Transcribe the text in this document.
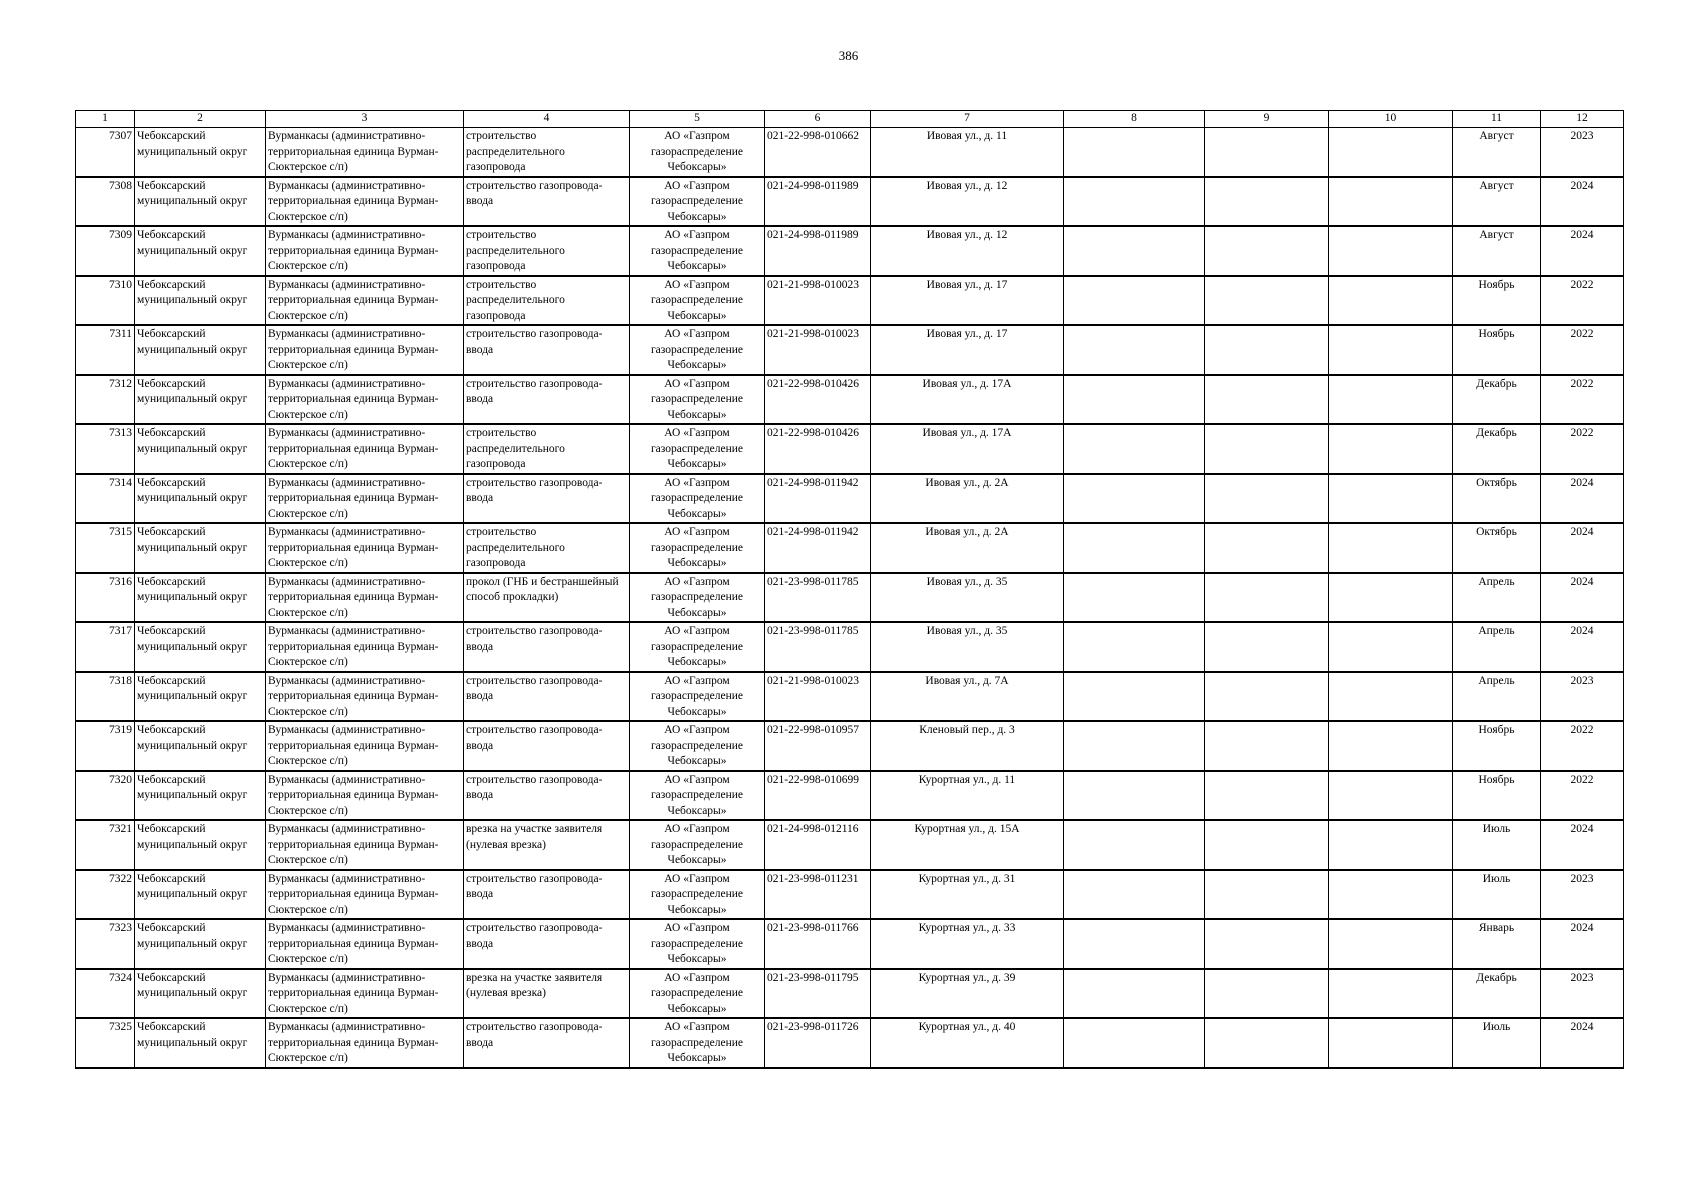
386
1	2	3	4	5	6	7	8	9	10	11	12
7307	Чебоксарский муниципальный округ	Вурманкасы (административно-территориальная единица Вурман-Сюктерское с/п)	строительство распределительного газопровода	АО «Газпром газораспределение Чебоксары»	021-22-998-010662	Ивовая ул., д. 11				Август	2023
7308	Чебоксарский муниципальный округ	Вурманкасы (административно-территориальная единица Вурман-Сюктерское с/п)	строительство газопровода-ввода	АО «Газпром газораспределение Чебоксары»	021-24-998-011989	Ивовая ул., д. 12				Август	2024
7309	Чебоксарский муниципальный округ	Вурманкасы (административно-территориальная единица Вурман-Сюктерское с/п)	строительство распределительного газопровода	АО «Газпром газораспределение Чебоксары»	021-24-998-011989	Ивовая ул., д. 12				Август	2024
7310	Чебоксарский муниципальный округ	Вурманкасы (административно-территориальная единица Вурман-Сюктерское с/п)	строительство распределительного газопровода	АО «Газпром газораспределение Чебоксары»	021-21-998-010023	Ивовая ул., д. 17				Ноябрь	2022
7311	Чебоксарский муниципальный округ	Вурманкасы (административно-территориальная единица Вурман-Сюктерское с/п)	строительство газопровода-ввода	АО «Газпром газораспределение Чебоксары»	021-21-998-010023	Ивовая ул., д. 17				Ноябрь	2022
7312	Чебоксарский муниципальный округ	Вурманкасы (административно-территориальная единица Вурман-Сюктерское с/п)	строительство газопровода-ввода	АО «Газпром газораспределение Чебоксары»	021-22-998-010426	Ивовая ул., д. 17А				Декабрь	2022
7313	Чебоксарский муниципальный округ	Вурманкасы (административно-территориальная единица Вурман-Сюктерское с/п)	строительство распределительного газопровода	АО «Газпром газораспределение Чебоксары»	021-22-998-010426	Ивовая ул., д. 17А				Декабрь	2022
7314	Чебоксарский муниципальный округ	Вурманкасы (административно-территориальная единица Вурман-Сюктерское с/п)	строительство газопровода-ввода	АО «Газпром газораспределение Чебоксары»	021-24-998-011942	Ивовая ул., д. 2А				Октябрь	2024
7315	Чебоксарский муниципальный округ	Вурманкасы (административно-территориальная единица Вурман-Сюктерское с/п)	строительство распределительного газопровода	АО «Газпром газораспределение Чебоксары»	021-24-998-011942	Ивовая ул., д. 2А				Октябрь	2024
7316	Чебоксарский муниципальный округ	Вурманкасы (административно-территориальная единица Вурман-Сюктерское с/п)	прокол (ГНБ и бестраншейный способ прокладки)	АО «Газпром газораспределение Чебоксары»	021-23-998-011785	Ивовая ул., д. 35				Апрель	2024
7317	Чебоксарский муниципальный округ	Вурманкасы (административно-территориальная единица Вурман-Сюктерское с/п)	строительство газопровода-ввода	АО «Газпром газораспределение Чебоксары»	021-23-998-011785	Ивовая ул., д. 35				Апрель	2024
7318	Чебоксарский муниципальный округ	Вурманкасы (административно-территориальная единица Вурман-Сюктерское с/п)	строительство газопровода-ввода	АО «Газпром газораспределение Чебоксары»	021-21-998-010023	Ивовая ул., д. 7А				Апрель	2023
7319	Чебоксарский муниципальный округ	Вурманкасы (административно-территориальная единица Вурман-Сюктерское с/п)	строительство газопровода-ввода	АО «Газпром газораспределение Чебоксары»	021-22-998-010957	Кленовый пер., д. 3				Ноябрь	2022
7320	Чебоксарский муниципальный округ	Вурманкасы (административно-территориальная единица Вурман-Сюктерское с/п)	строительство газопровода-ввода	АО «Газпром газораспределение Чебоксары»	021-22-998-010699	Курортная ул., д. 11				Ноябрь	2022
7321	Чебоксарский муниципальный округ	Вурманкасы (административно-территориальная единица Вурман-Сюктерское с/п)	врезка на участке заявителя (нулевая врезка)	АО «Газпром газораспределение Чебоксары»	021-24-998-012116	Курортная ул., д. 15А				Июль	2024
7322	Чебоксарский муниципальный округ	Вурманкасы (административно-территориальная единица Вурман-Сюктерское с/п)	строительство газопровода-ввода	АО «Газпром газораспределение Чебоксары»	021-23-998-011231	Курортная ул., д. 31				Июль	2023
7323	Чебоксарский муниципальный округ	Вурманкасы (административно-территориальная единица Вурман-Сюктерское с/п)	строительство газопровода-ввода	АО «Газпром газораспределение Чебоксары»	021-23-998-011766	Курортная ул., д. 33				Январь	2024
7324	Чебоксарский муниципальный округ	Вурманкасы (административно-территориальная единица Вурман-Сюктерское с/п)	врезка на участке заявителя (нулевая врезка)	АО «Газпром газораспределение Чебоксары»	021-23-998-011795	Курортная ул., д. 39				Декабрь	2023
7325	Чебоксарский муниципальный округ	Вурманкасы (административно-территориальная единица Вурман-Сюктерское с/п)	строительство газопровода-ввода	АО «Газпром газораспределение Чебоксары»	021-23-998-011726	Курортная ул., д. 40				Июль	2024
